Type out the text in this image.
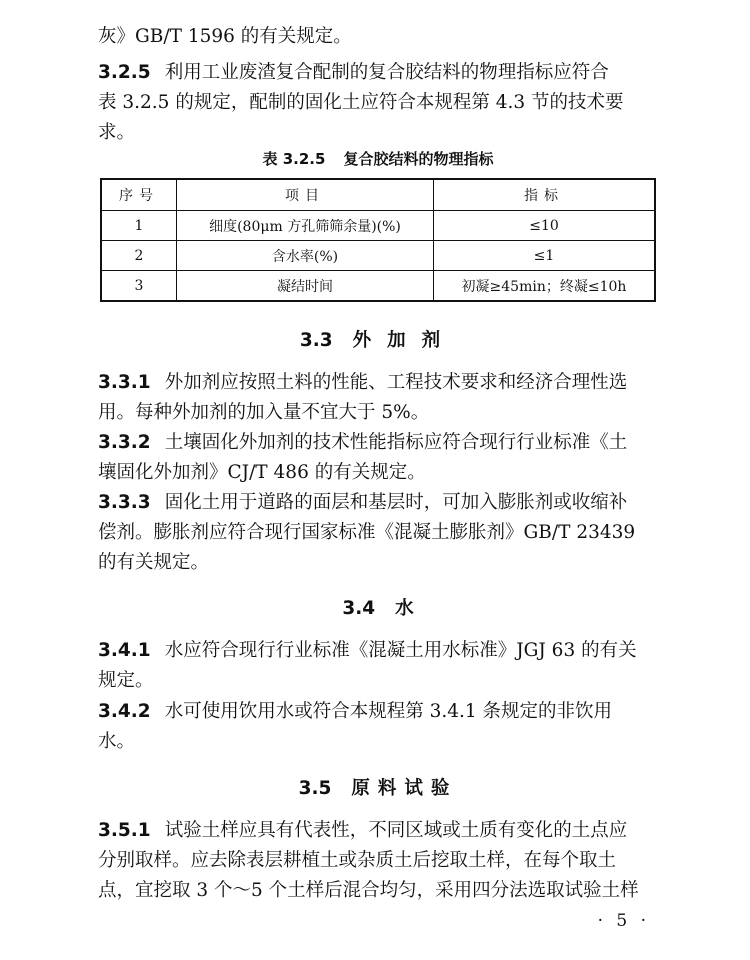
灰》GB/T 1596 的有关规定。
3.2.5 利用工业废渣复合配制的复合胶结料的物理指标应符合
表 3.2.5 的规定，配制的固化土应符合本规程第 4.3 节的技术要
求。
表 3.2.5 复合胶结料的物理指标
序号	项目	指标
1	细度(80μm 方孔筛筛余量)(%)	≤10
2	含水率(%)	≤1
3	凝结时间	初凝≥45min；终凝≤10h
3.3 外加剂
3.3.1 外加剂应按照土料的性能、工程技术要求和经济合理性选
用。每种外加剂的加入量不宜大于 5%。
3.3.2 土壤固化外加剂的技术性能指标应符合现行行业标准《土
壤固化外加剂》CJ/T 486 的有关规定。
3.3.3 固化土用于道路的面层和基层时，可加入膨胀剂或收缩补
偿剂。膨胀剂应符合现行国家标准《混凝土膨胀剂》GB/T 23439
的有关规定。
3.4 水
3.4.1 水应符合现行行业标准《混凝土用水标准》JGJ 63 的有关
规定。
3.4.2 水可使用饮用水或符合本规程第 3.4.1 条规定的非饮用
水。
3.5 原料试验
3.5.1 试验土样应具有代表性，不同区域或土质有变化的土点应
分别取样。应去除表层耕植土或杂质土后挖取土样，在每个取土
点，宜挖取 3 个～5 个土样后混合均匀，采用四分法选取试验土样
· 5 ·
